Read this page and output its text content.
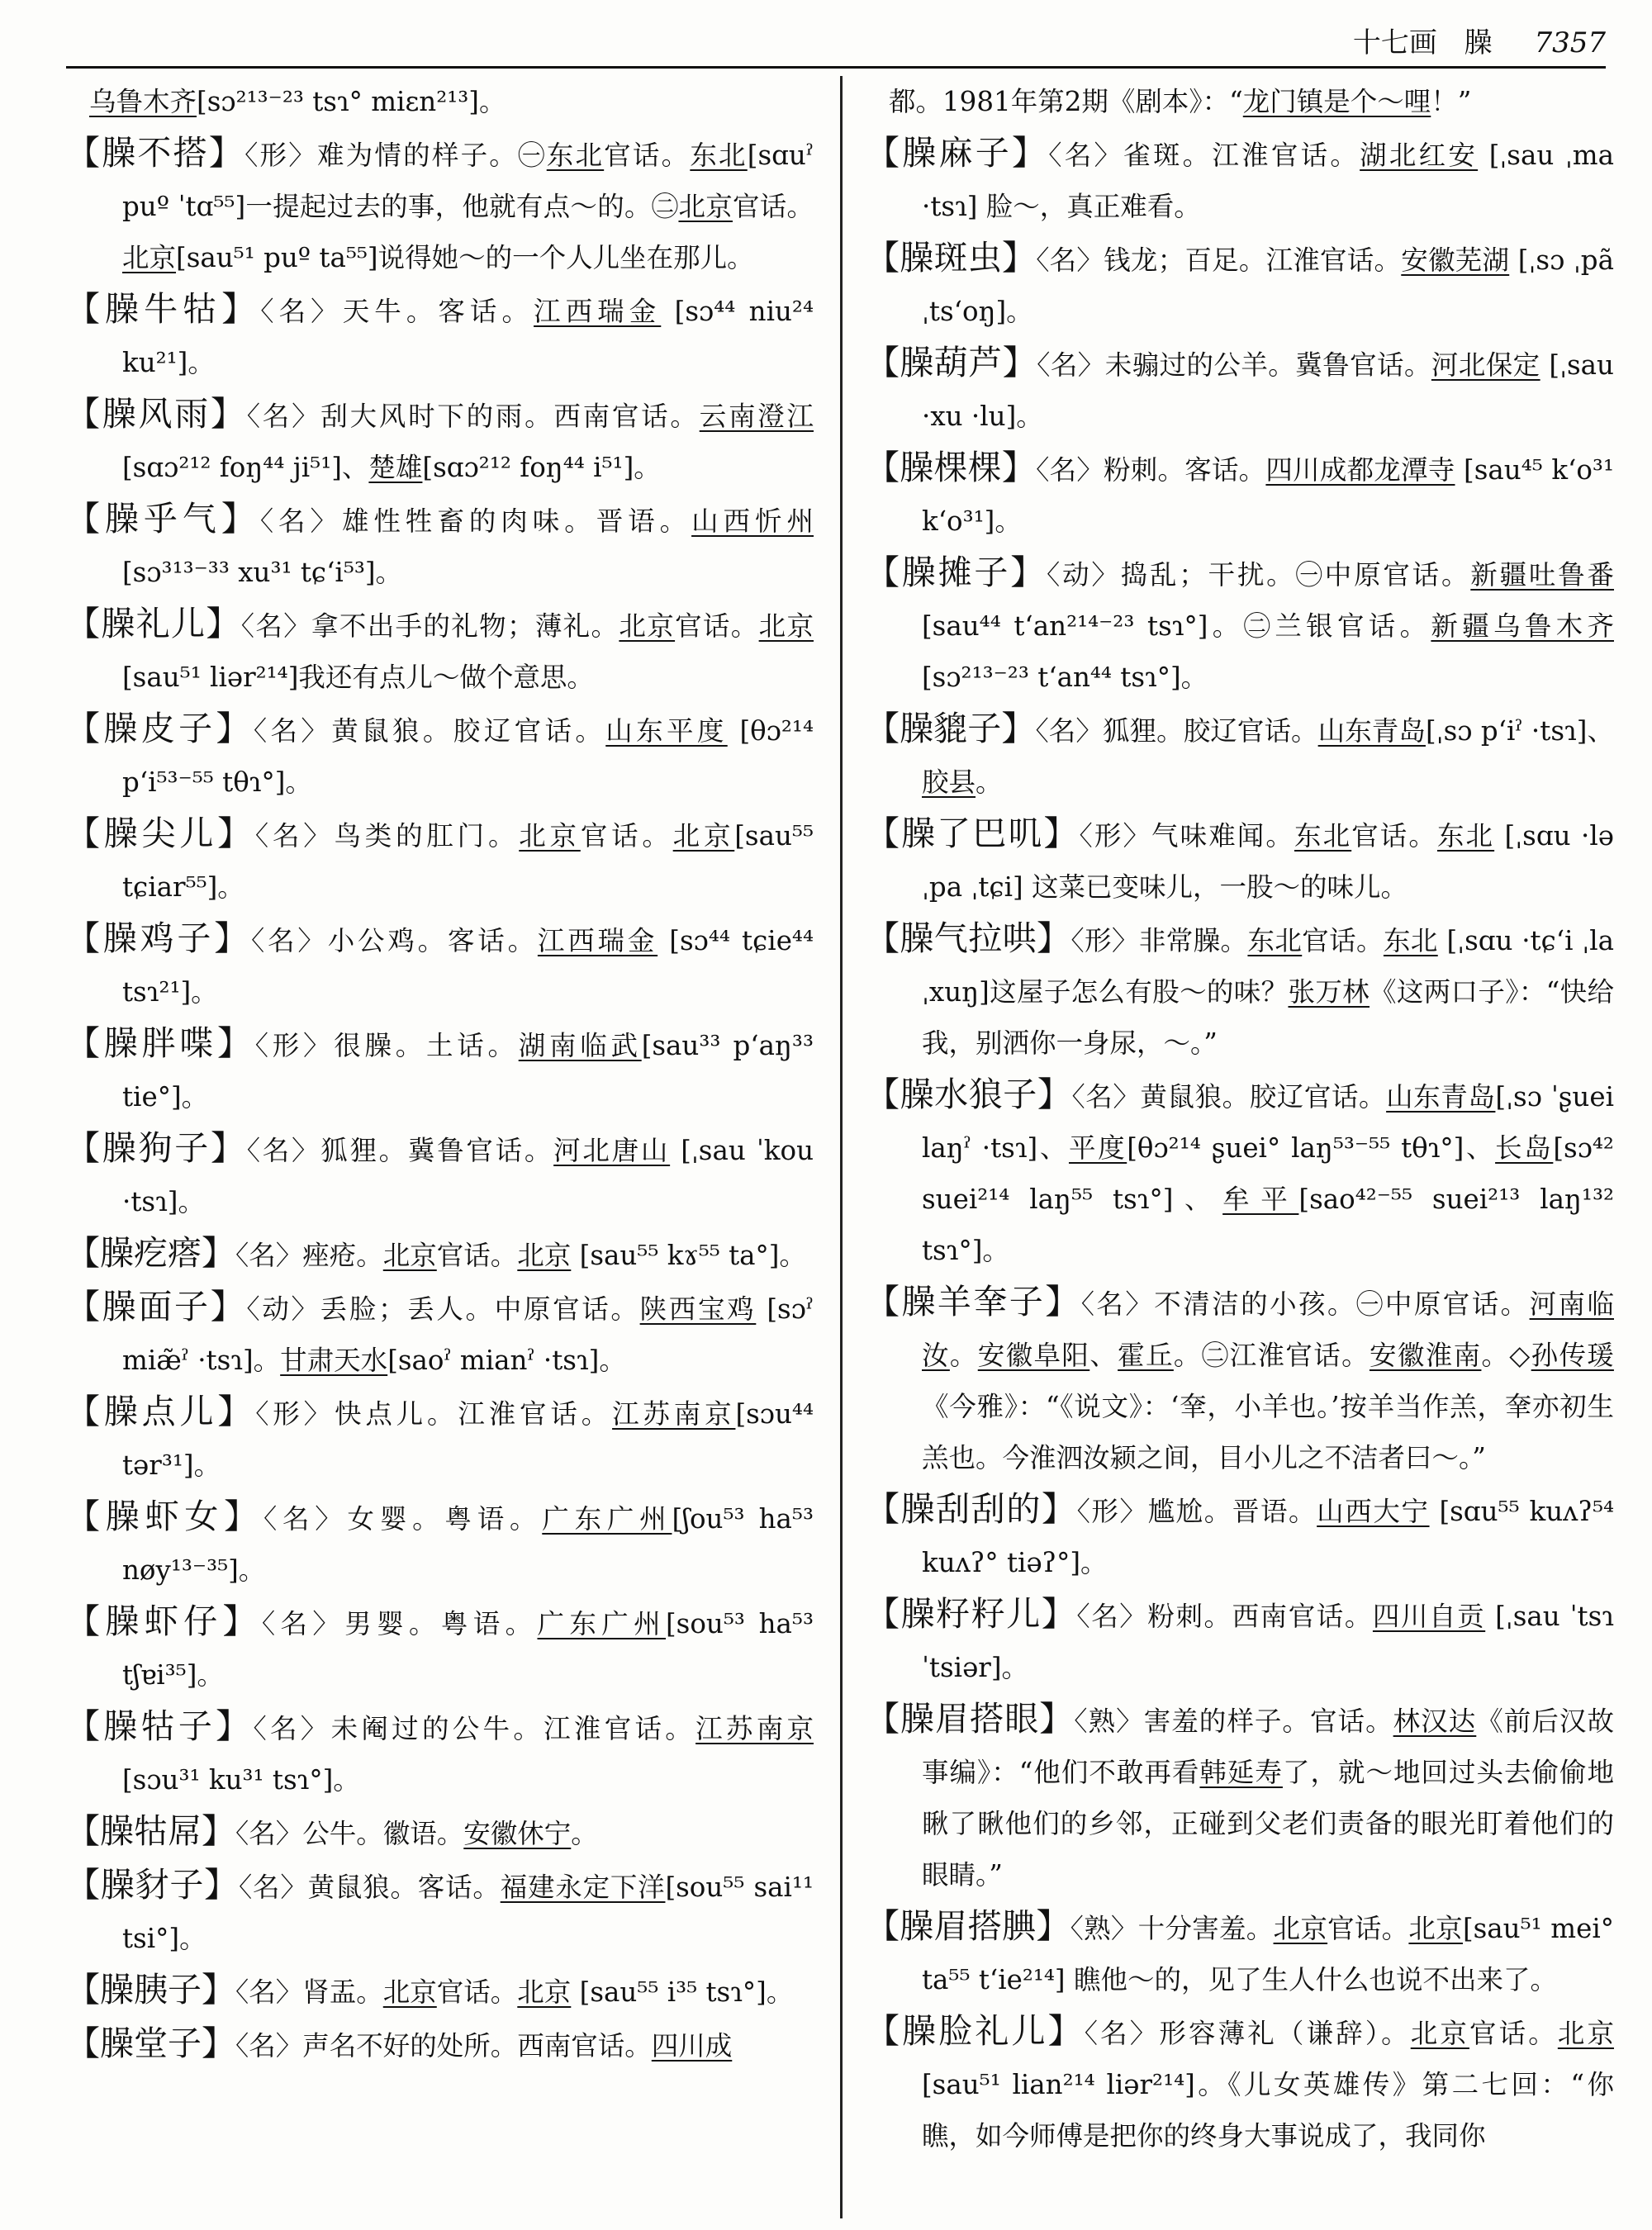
十七画 臊 7357

乌鲁木齐[sɔ²¹³⁻²³ tsɿ° miɛn²¹³]。

【臊不搭】〈形〉难为情的样子。㊀东北官话。东北[sɑuˀ puº ˈtɑ⁵⁵]一提起过去的事，他就有点～的。㊁北京官话。北京[sau⁵¹ puº ta⁵⁵]说得她～的一个人儿坐在那儿。

【臊牛牯】〈名〉天牛。客话。江西瑞金 [sɔ⁴⁴ niu²⁴ ku²¹]。

【臊风雨】〈名〉刮大风时下的雨。西南官话。云南澄江[sɑɔ²¹² foŋ⁴⁴ ji⁵¹]、楚雄[sɑɔ²¹² foŋ⁴⁴ i⁵¹]。

【臊乎气】〈名〉雄性牲畜的肉味。晋语。山西忻州 [sɔ³¹³⁻³³ xu³¹ tɕʻi⁵³]。

【臊礼儿】〈名〉拿不出手的礼物；薄礼。北京官话。北京[sau⁵¹ liər²¹⁴]我还有点儿～做个意思。

【臊皮子】〈名〉黄鼠狼。胶辽官话。山东平度 [θɔ²¹⁴ pʻi⁵³⁻⁵⁵ tθɿ°]。

【臊尖儿】〈名〉鸟类的肛门。北京官话。北京[sau⁵⁵ tɕiar⁵⁵]。

【臊鸡子】〈名〉小公鸡。客话。江西瑞金 [sɔ⁴⁴ tɕie⁴⁴ tsɿ²¹]。

【臊胖喋】〈形〉很臊。土话。湖南临武[sau³³ pʻaŋ³³ tie°]。

【臊狗子】〈名〉狐狸。冀鲁官话。河北唐山 [ˌsau ˈkou ·tsɿ]。

【臊疙瘩】〈名〉痤疮。北京官话。北京 [sau⁵⁵ kɤ⁵⁵ ta°]。

【臊面子】〈动〉丢脸；丢人。中原官话。陕西宝鸡 [sɔˀ miæ̃ˀ ·tsɿ]。甘肃天水[saoˀ mianˀ ·tsɿ]。

【臊点儿】〈形〉快点儿。江淮官话。江苏南京[sɔu⁴⁴ tər³¹]。

【臊虾女】〈名〉女婴。粤语。广东广州[ʃou⁵³ ha⁵³ nøy¹³⁻³⁵]。

【臊虾仔】〈名〉男婴。粤语。广东广州[sou⁵³ ha⁵³ tʃɐi³⁵]。

【臊牯子】〈名〉未阉过的公牛。江淮官话。江苏南京 [sɔu³¹ ku³¹ tsɿ°]。

【臊牯屌】〈名〉公牛。徽语。安徽休宁。

【臊豺子】〈名〉黄鼠狼。客话。福建永定下洋[sou⁵⁵ sai¹¹ tsi°]。

【臊胰子】〈名〉肾盂。北京官话。北京 [sau⁵⁵ i³⁵ tsɿ°]。

【臊堂子】〈名〉声名不好的处所。西南官话。四川成

都。1981年第2期《剧本》：“龙门镇是个～哩！”

【臊麻子】〈名〉雀斑。江淮官话。湖北红安 [ˌsau ˌma ·tsɿ] 脸～，真正难看。

【臊斑虫】〈名〉钱龙；百足。江淮官话。安徽芜湖 [ˌsɔ ˌpã ˌtsʻoŋ]。

【臊葫芦】〈名〉未骟过的公羊。冀鲁官话。河北保定 [ˌsau ·xu ·lu]。

【臊棵棵】〈名〉粉刺。客话。四川成都龙潭寺 [sau⁴⁵ kʻo³¹ kʻo³¹]。

【臊摊子】〈动〉捣乱；干扰。㊀中原官话。新疆吐鲁番[sau⁴⁴ tʻan²¹⁴⁻²³ tsɿ°]。㊁兰银官话。新疆乌鲁木齐[sɔ²¹³⁻²³ tʻan⁴⁴ tsɿ°]。

【臊貔子】〈名〉狐狸。胶辽官话。山东青岛[ˌsɔ pʻiˀ ·tsɿ]、胶县。

【臊了巴叽】〈形〉气味难闻。东北官话。东北 [ˌsɑu ·lə ˌpa ˌtɕi] 这菜已变味儿，一股～的味儿。

【臊气拉哄】〈形〉非常臊。东北官话。东北 [ˌsɑu ·tɕʻi ˌla ˌxuŋ]这屋子怎么有股～的味？张万林《这两口子》：“快给我，别洒你一身尿，～。”

【臊水狼子】〈名〉黄鼠狼。胶辽官话。山东青岛[ˌsɔ ˈʂuei laŋˀ ·tsɿ]、平度[θɔ²¹⁴ ʂuei° laŋ⁵³⁻⁵⁵ tθɿ°]、长岛[sɔ⁴² suei²¹⁴ laŋ⁵⁵ tsɿ°]、牟平[sao⁴²⁻⁵⁵ suei²¹³ laŋ¹³² tsɿ°]。

【臊羊羍子】〈名〉不清洁的小孩。㊀中原官话。河南临汝。安徽阜阳、霍丘。㊁江淮官话。安徽淮南。◇孙传瑗《今雅》：“《说文》：‘羍，小羊也。’按羊当作羔，羍亦初生羔也。今淮泗汝颍之间，目小儿之不洁者曰～。”

【臊刮刮的】〈形〉尴尬。晋语。山西大宁 [sɑu⁵⁵ kuʌʔ⁵⁴ kuʌʔ° tiəʔ°]。

【臊籽籽儿】〈名〉粉刺。西南官话。四川自贡 [ˌsau ˈtsɿ ˈtsiər]。

【臊眉搭眼】〈熟〉害羞的样子。官话。林汉达《前后汉故事编》：“他们不敢再看韩延寿了，就～地回过头去偷偷地瞅了瞅他们的乡邻，正碰到父老们责备的眼光盯着他们的眼睛。”

【臊眉搭腆】〈熟〉十分害羞。北京官话。北京[sau⁵¹ mei° ta⁵⁵ tʻie²¹⁴] 瞧他～的，见了生人什么也说不出来了。

【臊脸礼儿】〈名〉形容薄礼（谦辞）。北京官话。北京[sau⁵¹ lian²¹⁴ liər²¹⁴]。《儿女英雄传》第二七回：“你瞧，如今师傅是把你的终身大事说成了，我同你
